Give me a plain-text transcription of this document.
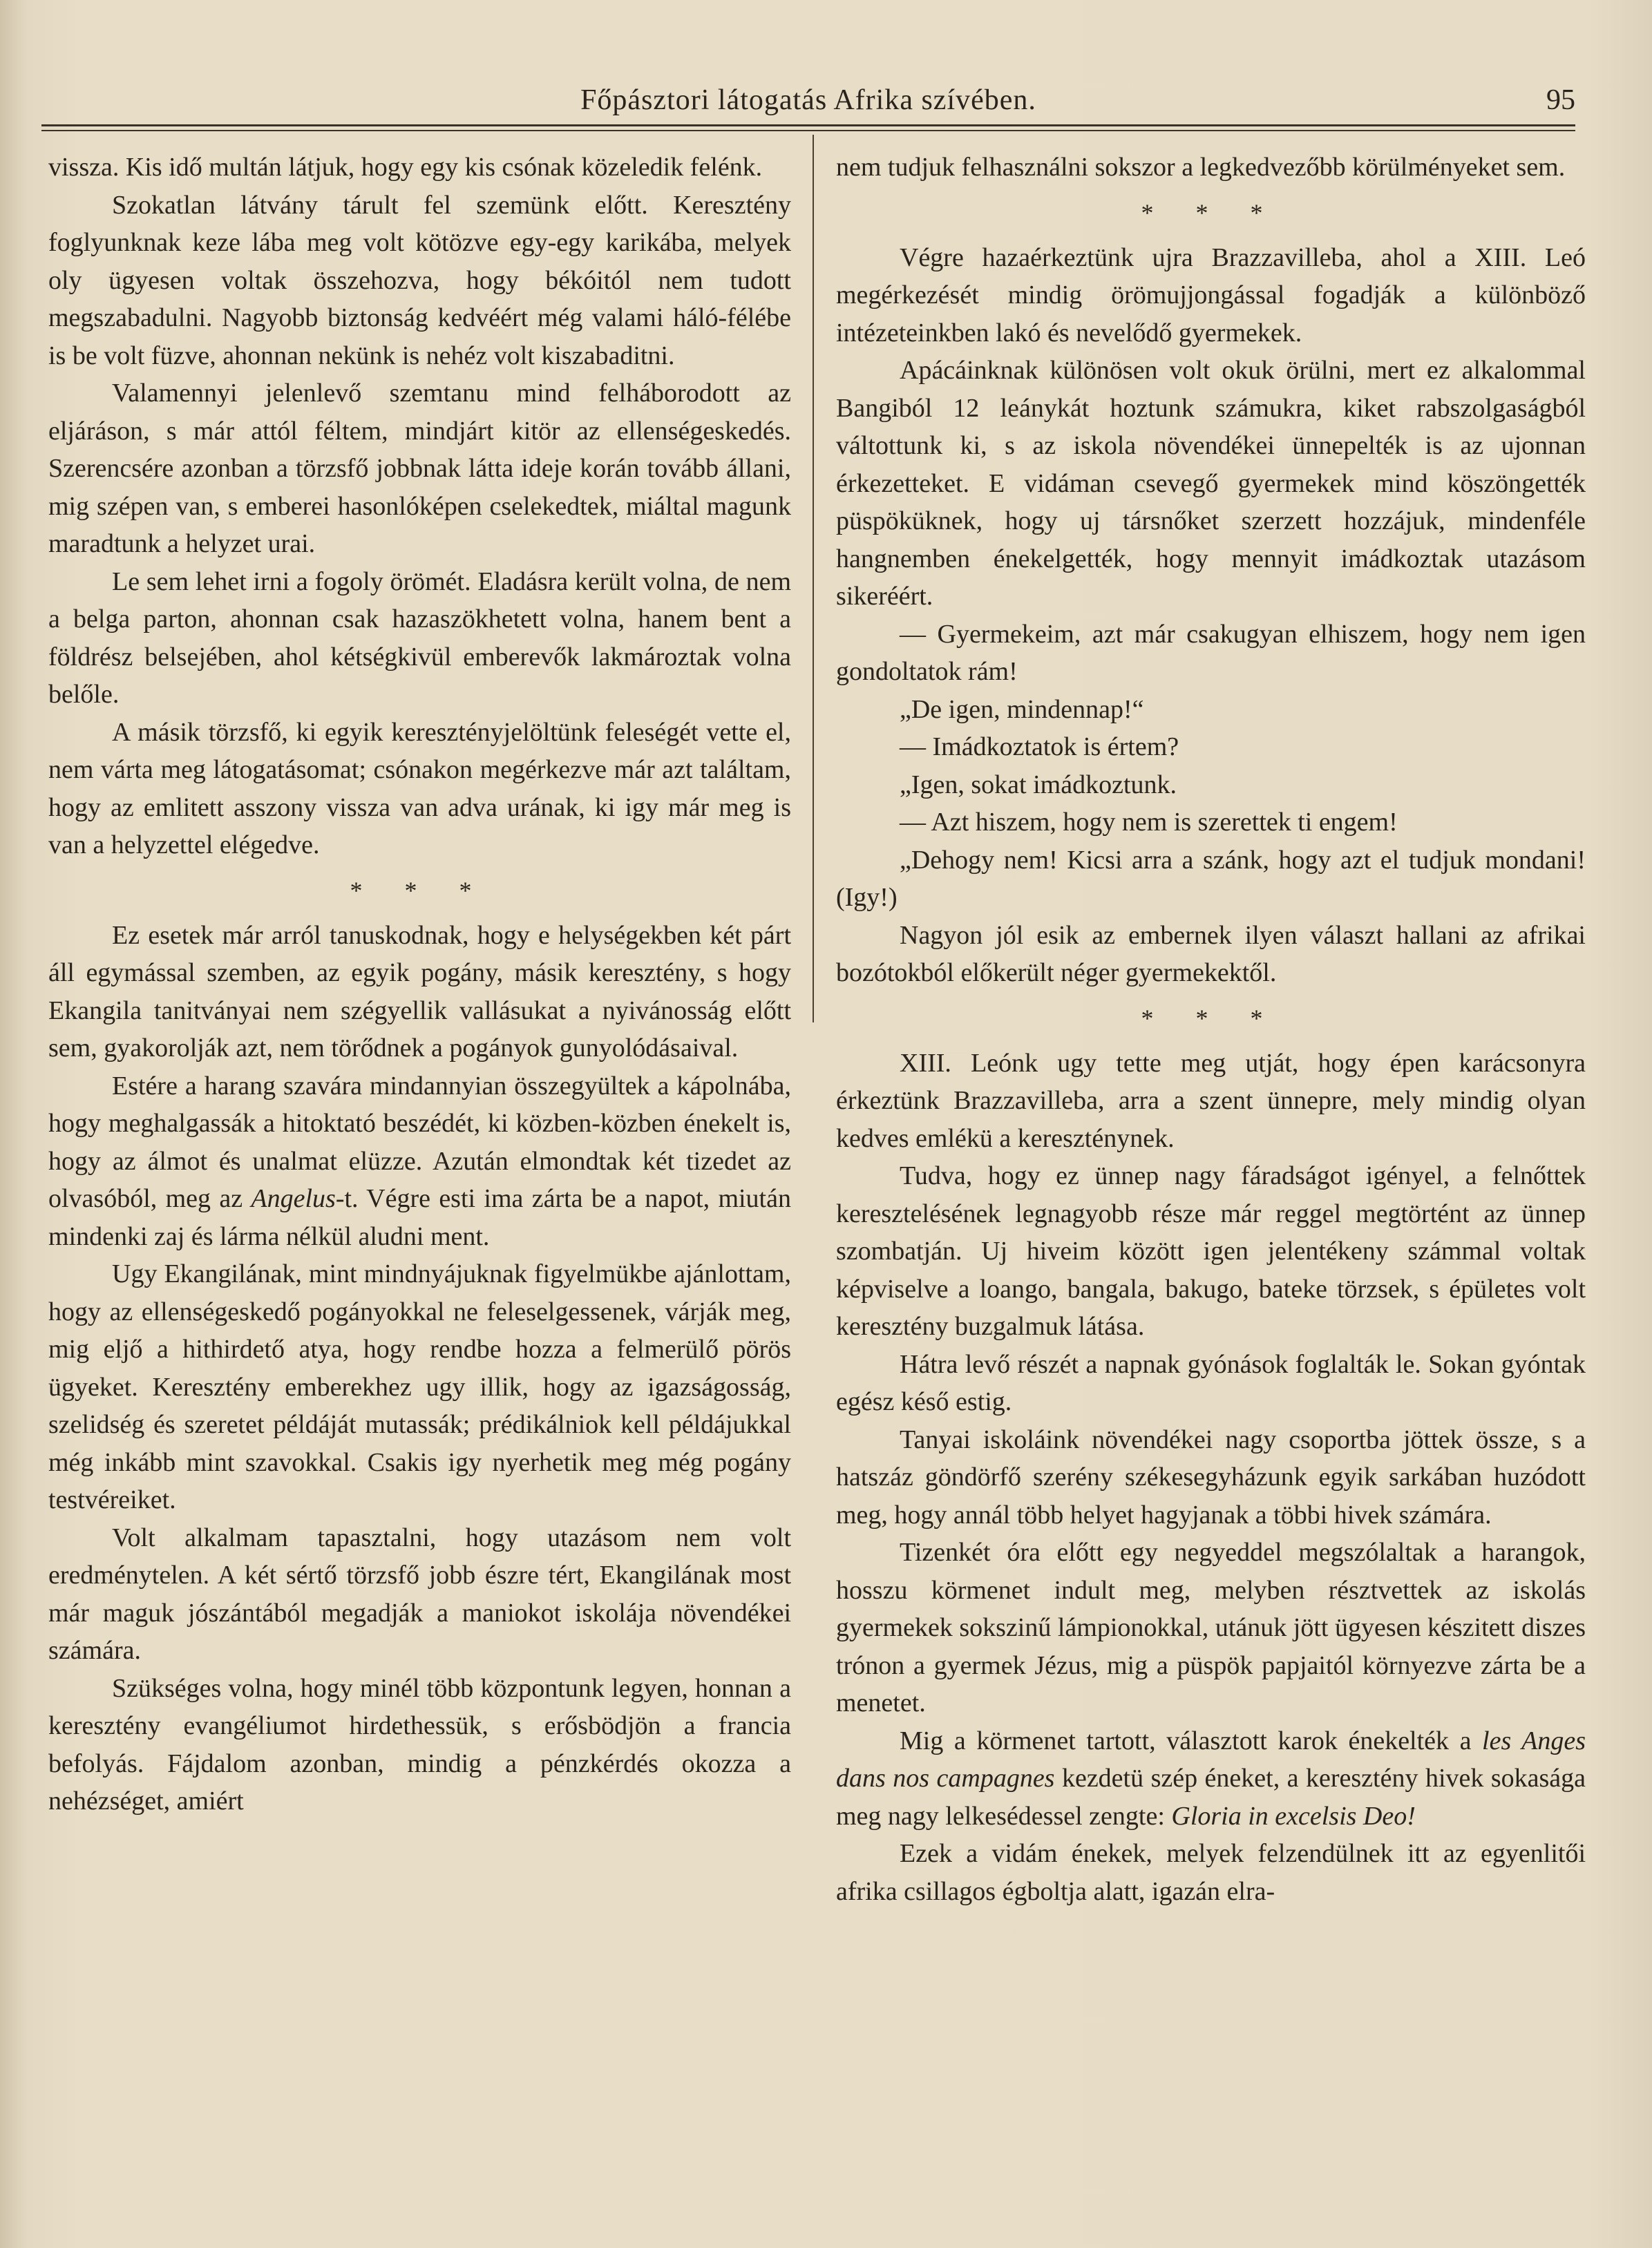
Főpásztori látogatás Afrika szívében.	95

vissza. Kis idő multán látjuk, hogy egy kis csónak közeledik felénk.

Szokatlan látvány tárult fel szemünk előtt. Keresztény foglyunknak keze lába meg volt kötözve egy-egy karikába, melyek oly ügyesen voltak összehozva, hogy békóitól nem tudott megszabadulni. Nagyobb biztonság kedvéért még valami háló-félébe is be volt füzve, ahonnan nekünk is nehéz volt kiszabaditni.

Valamennyi jelenlevő szemtanu mind felháborodott az eljáráson, s már attól féltem, mindjárt kitör az ellenségeskedés. Szerencsére azonban a törzsfő jobbnak látta ideje korán tovább állani, mig szépen van, s emberei hasonlóképen cselekedtek, miáltal magunk maradtunk a helyzet urai.

Le sem lehet irni a fogoly örömét. Eladásra került volna, de nem a belga parton, ahonnan csak hazaszökhetett volna, hanem bent a földrész belsejében, ahol kétségkivül emberevők lakmároztak volna belőle.

A másik törzsfő, ki egyik keresztényjelöltünk feleségét vette el, nem várta meg látogatásomat; csónakon megérkezve már azt találtam, hogy az emlitett asszony vissza van adva urának, ki igy már meg is van a helyzettel elégedve.

* * *

Ez esetek már arról tanuskodnak, hogy e helységekben két párt áll egymással szemben, az egyik pogány, másik keresztény, s hogy Ekangila tanitványai nem szégyellik vallásukat a nyivánosság előtt sem, gyakorolják azt, nem törődnek a pogányok gunyolódásaival.

Estére a harang szavára mindannyian összegyültek a kápolnába, hogy meghalgassák a hitoktató beszédét, ki közben-közben énekelt is, hogy az álmot és unalmat elüzze. Azután elmondtak két tizedet az olvasóból, meg az Angelus-t. Végre esti ima zárta be a napot, miután mindenki zaj és lárma nélkül aludni ment.

Ugy Ekangilának, mint mindnyájuknak figyelmükbe ajánlottam, hogy az ellenségeskedő pogányokkal ne feleselgessenek, várják meg, mig eljő a hithirdető atya, hogy rendbe hozza a felmerülő pörös ügyeket. Keresztény emberekhez ugy illik, hogy az igazságosság, szelidség és szeretet példáját mutassák; prédikálniok kell példájukkal még inkább mint szavokkal. Csakis igy nyerhetik meg még pogány testvéreiket.

Volt alkalmam tapasztalni, hogy utazásom nem volt eredménytelen. A két sértő törzsfő jobb észre tért, Ekangilának most már maguk jószántából megadják a maniokot iskolája növendékei számára.

Szükséges volna, hogy minél több központunk legyen, honnan a keresztény evangéliumot hirdethessük, s erősbödjön a francia befolyás. Fájdalom azonban, mindig a pénzkérdés okozza a nehézséget, amiért

nem tudjuk felhasználni sokszor a legkedvezőbb körülményeket sem.

* * *

Végre hazaérkeztünk ujra Brazzavilleba, ahol a XIII. Leó megérkezését mindig örömujjongással fogadják a különböző intézeteinkben lakó és nevelődő gyermekek.

Apácáinknak különösen volt okuk örülni, mert ez alkalommal Bangiból 12 leánykát hoztunk számukra, kiket rabszolgaságból váltottunk ki, s az iskola növendékei ünnepelték is az ujonnan érkezetteket. E vidáman csevegő gyermekek mind köszöngették püspöküknek, hogy uj társnőket szerzett hozzájuk, mindenféle hangnemben énekelgették, hogy mennyit imádkoztak utazásom sikeréért.

— Gyermekeim, azt már csakugyan elhiszem, hogy nem igen gondoltatok rám!

„De igen, mindennap!“

— Imádkoztatok is értem?

„Igen, sokat imádkoztunk.

— Azt hiszem, hogy nem is szerettek ti engem!

„Dehogy nem! Kicsi arra a szánk, hogy azt el tudjuk mondani! (Igy!)

Nagyon jól esik az embernek ilyen választ hallani az afrikai bozótokból előkerült néger gyermekektől.

* * *

XIII. Leónk ugy tette meg utját, hogy épen karácsonyra érkeztünk Brazzavilleba, arra a szent ünnepre, mely mindig olyan kedves emlékü a kereszténynek.

Tudva, hogy ez ünnep nagy fáradságot igényel, a felnőttek keresztelésének legnagyobb része már reggel megtörtént az ünnep szombatján. Uj hiveim között igen jelentékeny számmal voltak képviselve a loango, bangala, bakugo, bateke törzsek, s épületes volt keresztény buzgalmuk látása.

Hátra levő részét a napnak gyónások foglalták le. Sokan gyóntak egész késő estig.

Tanyai iskoláink növendékei nagy csoportba jöttek össze, s a hatszáz göndörfő szerény székesegyházunk egyik sarkában huzódott meg, hogy annál több helyet hagyjanak a többi hivek számára.

Tizenkét óra előtt egy negyeddel megszólaltak a harangok, hosszu körmenet indult meg, melyben résztvettek az iskolás gyermekek sokszinű lámpionokkal, utánuk jött ügyesen készitett diszes trónon a gyermek Jézus, mig a püspök papjaitól környezve zárta be a menetet.

Mig a körmenet tartott, választott karok énekelték a les Anges dans nos campagnes kezdetü szép éneket, a keresztény hivek sokasága meg nagy lelkesédessel zengte: Gloria in excelsis Deo!

Ezek a vidám énekek, melyek felzendülnek itt az egyenlitői afrika csillagos égboltja alatt, igazán elra-
